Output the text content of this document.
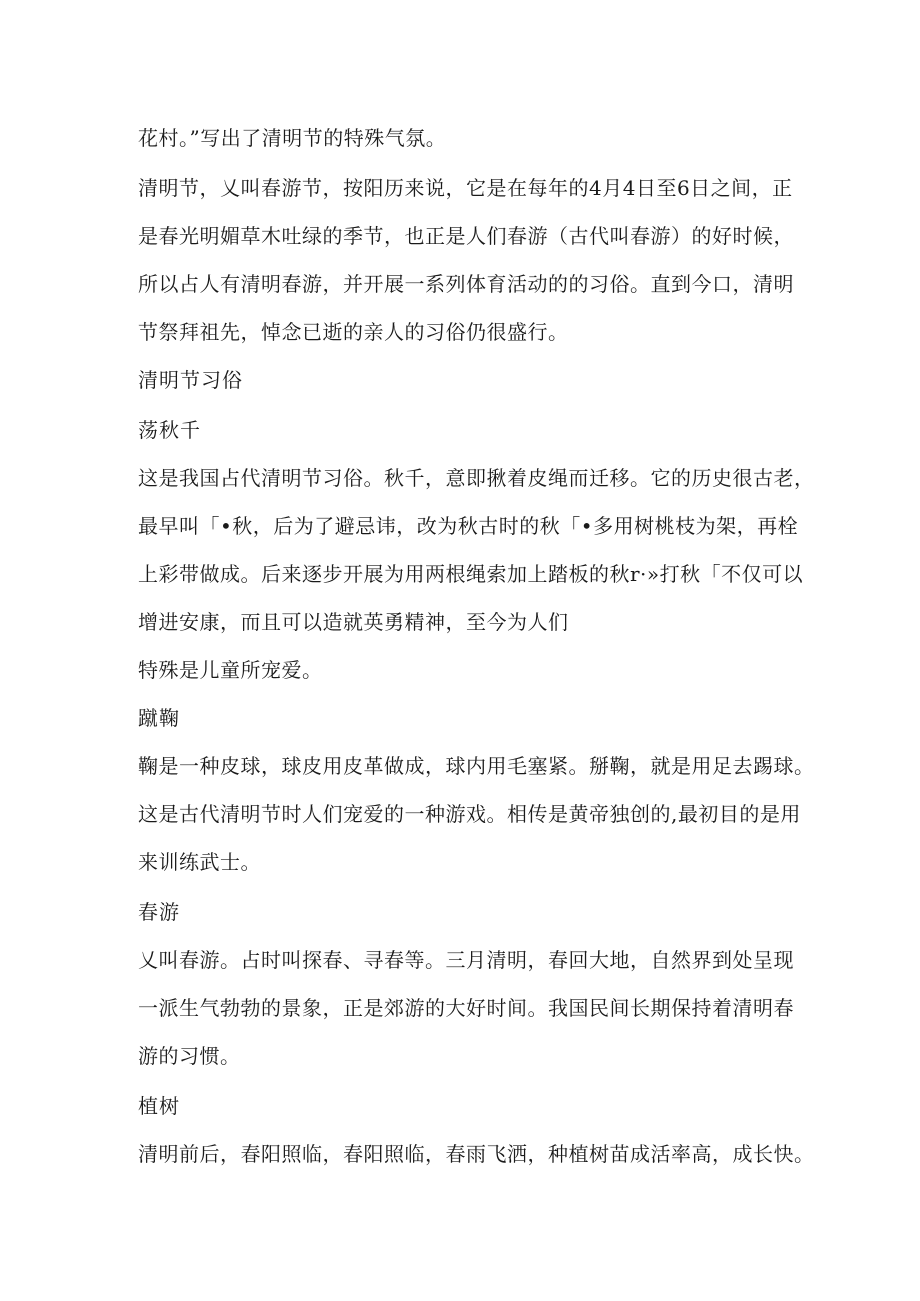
花村。”写出了清明节的特殊气氛。
清明节，乂叫春游节，按阳历来说，它是在每年的4月4日至6日之间，正
是春光明媚草木吐绿的季节，也正是人们春游（古代叫春游）的好时候，
所以占人有清明春游，并开展一系列体育活动的的习俗。直到今口，清明
节祭拜祖先，悼念已逝的亲人的习俗仍很盛行。
清明节习俗
荡秋千
这是我国占代清明节习俗。秋千，意即揪着皮绳而迁移。它的历史很古老，
最早叫「•秋，后为了避忌讳，改为秋古时的秋「•多用树桃枝为架，再栓
上彩带做成。后来逐步开展为用两根绳索加上踏板的秋r·»打秋「不仅可以
增进安康，而且可以造就英勇精神，至今为人们
特殊是儿童所宠爱。
蹴鞠
鞠是一种皮球，球皮用皮革做成，球内用毛塞紧。掰鞠，就是用足去踢球。
这是古代清明节时人们宠爱的一种游戏。相传是黄帝独创的,最初目的是用
来训练武士。
春游
乂叫春游。占时叫探春、寻春等。三月清明，春回大地，自然界到处呈现
一派生气勃勃的景象，正是郊游的大好时间。我国民间长期保持着清明春
游的习惯。
植树
清明前后，春阳照临，春阳照临，春雨飞洒，种植树苗成活率高，成长快。
